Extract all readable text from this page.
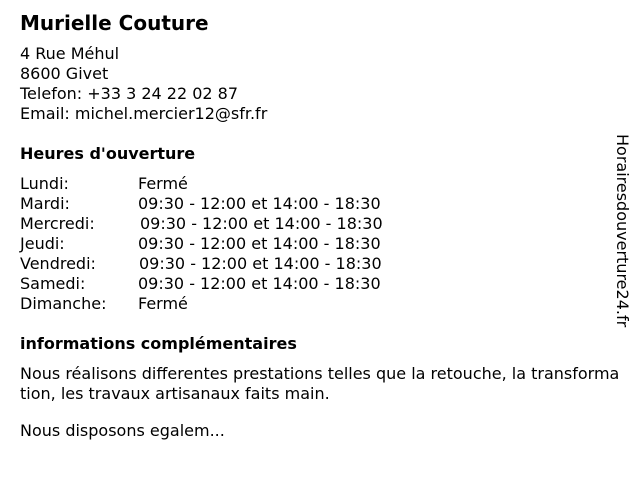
Murielle Couture
4 Rue Méhul
8600 Givet
Telefon: +33 3 24 22 02 87
Email: michel.mercier12@sfr.fr
Heures d'ouverture
Lundi:	Fermé
Mardi:	09:30 - 12:00 et 14:00 - 18:30
Mercredi:	09:30 - 12:00 et 14:00 - 18:30
Jeudi:	09:30 - 12:00 et 14:00 - 18:30
Vendredi:	09:30 - 12:00 et 14:00 - 18:30
Samedi:	09:30 - 12:00 et 14:00 - 18:30
Dimanche: Fermé
informations complémentaires
Nous réalisons differentes prestations telles que la retouche, la transformation, les travaux artisanaux faits main.
Nous disposons egalem...
Horairesdouverture24.fr
